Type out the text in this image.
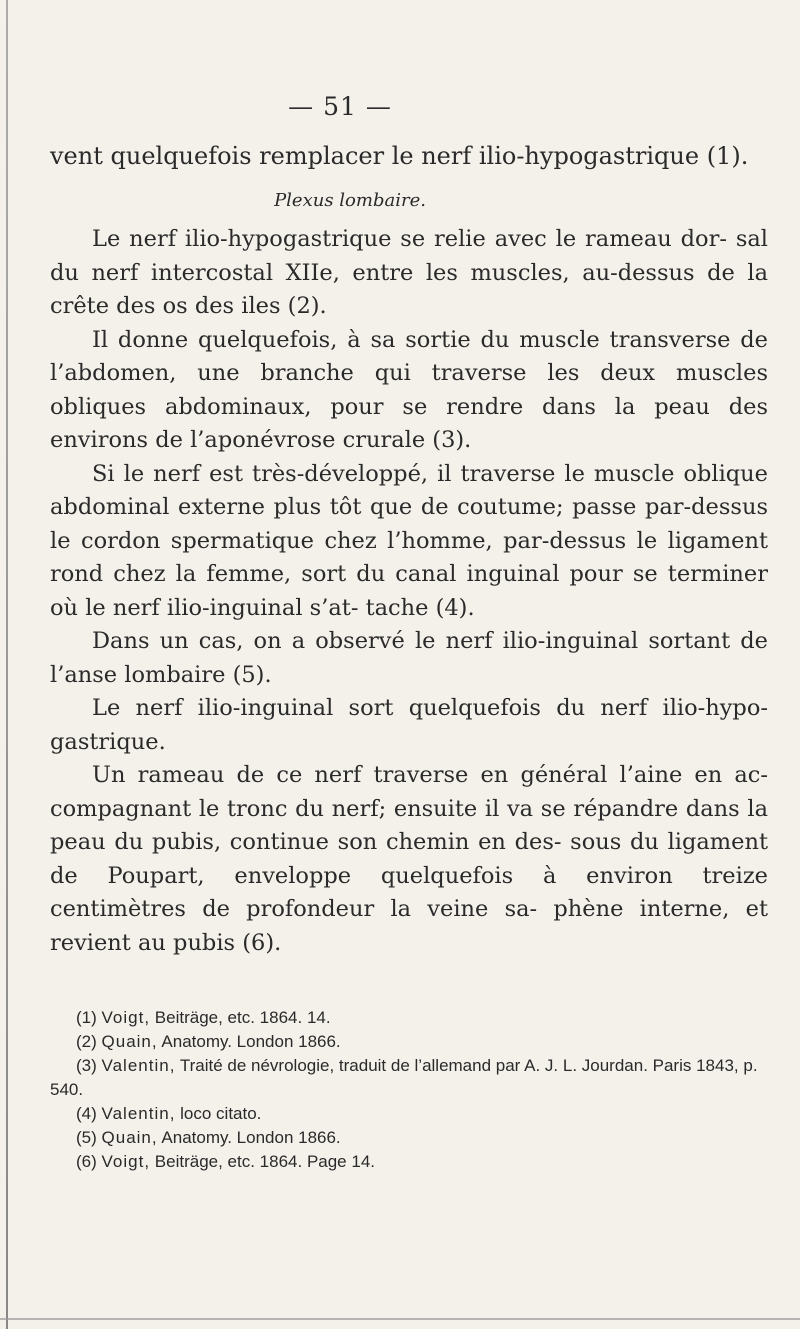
— 51 —
vent quelquefois remplacer le nerf ilio-hypogastrique (1).
Plexus lombaire.

Le nerf ilio-hypogastrique se relie avec le rameau dor- sal du nerf intercostal XIIe, entre les muscles, au-dessus de la crête des os des iles (2).

Il donne quelquefois, à sa sortie du muscle transverse de l’abdomen, une branche qui traverse les deux muscles obliques abdominaux, pour se rendre dans la peau des environs de l’aponévrose crurale (3).

Si le nerf est très-développé, il traverse le muscle oblique abdominal externe plus tôt que de coutume; passe par-dessus le cordon spermatique chez l’homme, par-dessus le ligament rond chez la femme, sort du canal inguinal pour se terminer où le nerf ilio-inguinal s’at- tache (4).

Dans un cas, on a observé le nerf ilio-inguinal sortant de l’anse lombaire (5).

Le nerf ilio-inguinal sort quelquefois du nerf ilio-hypo- gastrique.

Un rameau de ce nerf traverse en général l’aine en ac- compagnant le tronc du nerf; ensuite il va se répandre dans la peau du pubis, continue son chemin en des- sous du ligament de Poupart, enveloppe quelquefois à environ treize centimètres de profondeur la veine sa- phène interne, et revient au pubis (6).

(1) Voigt, Beiträge, etc. 1864. 14.

(2) Quain, Anatomy. London 1866.

(3) Valentin, Traité de névrologie, traduit de l’allemand par A. J. L. Jourdan. Paris 1843, p. 540.

(4) Valentin, loco citato.

(5) Quain, Anatomy. London 1866.

(6) Voigt, Beiträge, etc. 1864. Page 14.
